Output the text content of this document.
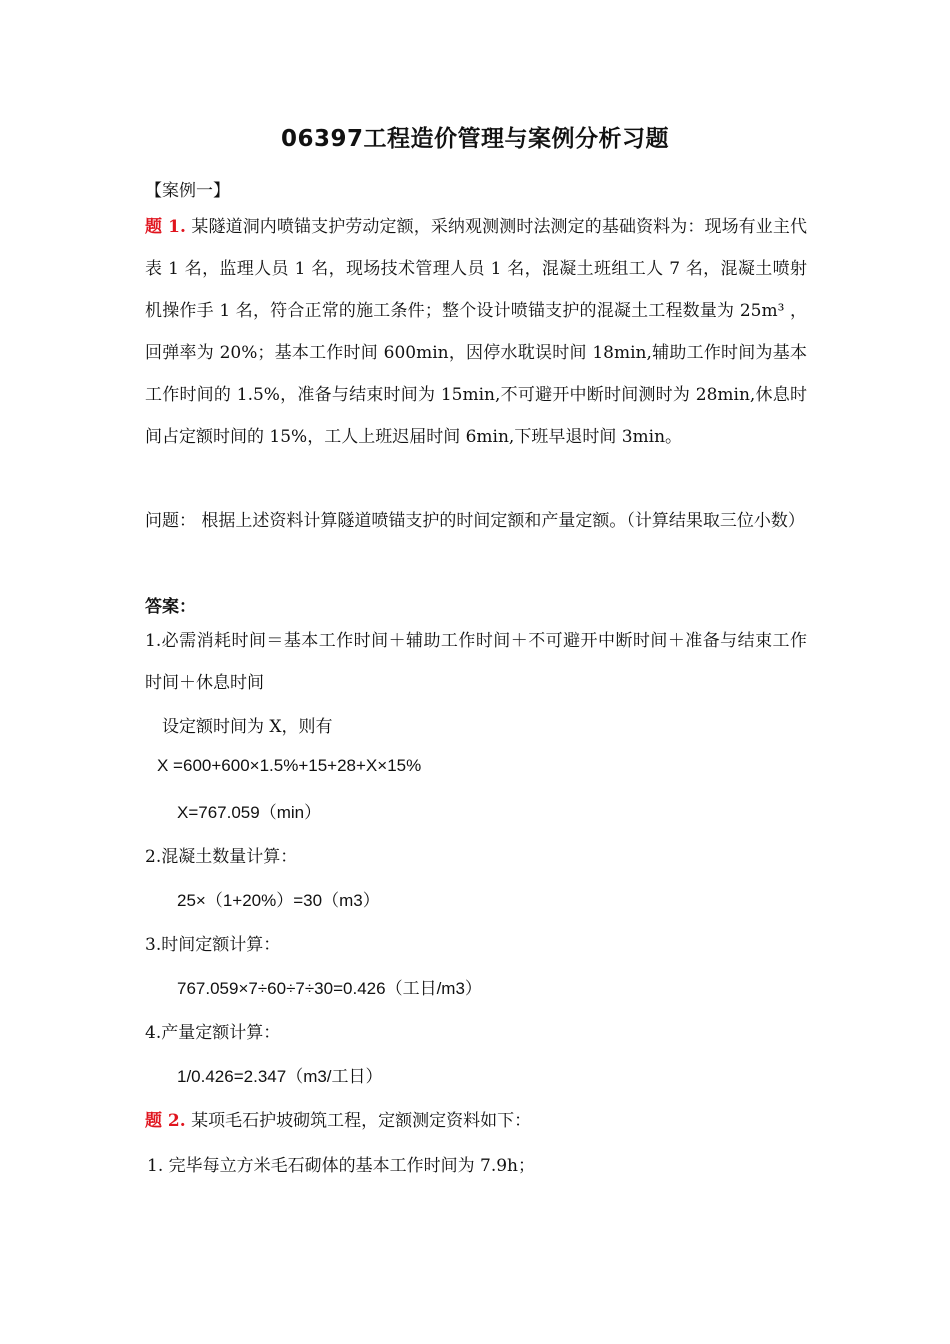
06397工程造价管理与案例分析习题
【案例一】
题 1. 某隧道洞内喷锚支护劳动定额，采纳观测测时法测定的基础资料为：现场有业主代表 1 名，监理人员 1 名，现场技术管理人员 1 名，混凝土班组工人 7 名，混凝土喷射机操作手 1 名，符合正常的施工条件；整个设计喷锚支护的混凝土工程数量为 25m³ ，回弹率为 20%；基本工作时间 600min，因停水耽误时间 18min,辅助工作时间为基本工作时间的 1.5%，准备与结束时间为 15min,不可避开中断时间测时为 28min,休息时间占定额时间的 15%，工人上班迟届时间 6min,下班早退时间 3min。
问题： 根据上述资料计算隧道喷锚支护的时间定额和产量定额。（计算结果取三位小数）
答案：
1.必需消耗时间＝基本工作时间＋辅助工作时间＋不可避开中断时间＋准备与结束工作时间＋休息时间
设定额时间为 X，则有
X =600+600×1.5%+15+28+X×15%
X=767.059（min）
2.混凝土数量计算：
25×（1+20%）=30（m3）
3.时间定额计算：
767.059×7÷60÷7÷30=0.426（工日/m3）
4.产量定额计算：
1/0.426=2.347（m3/工日）
题 2. 某项毛石护坡砌筑工程，定额测定资料如下：
1. 完毕每立方米毛石砌体的基本工作时间为 7.9h；
